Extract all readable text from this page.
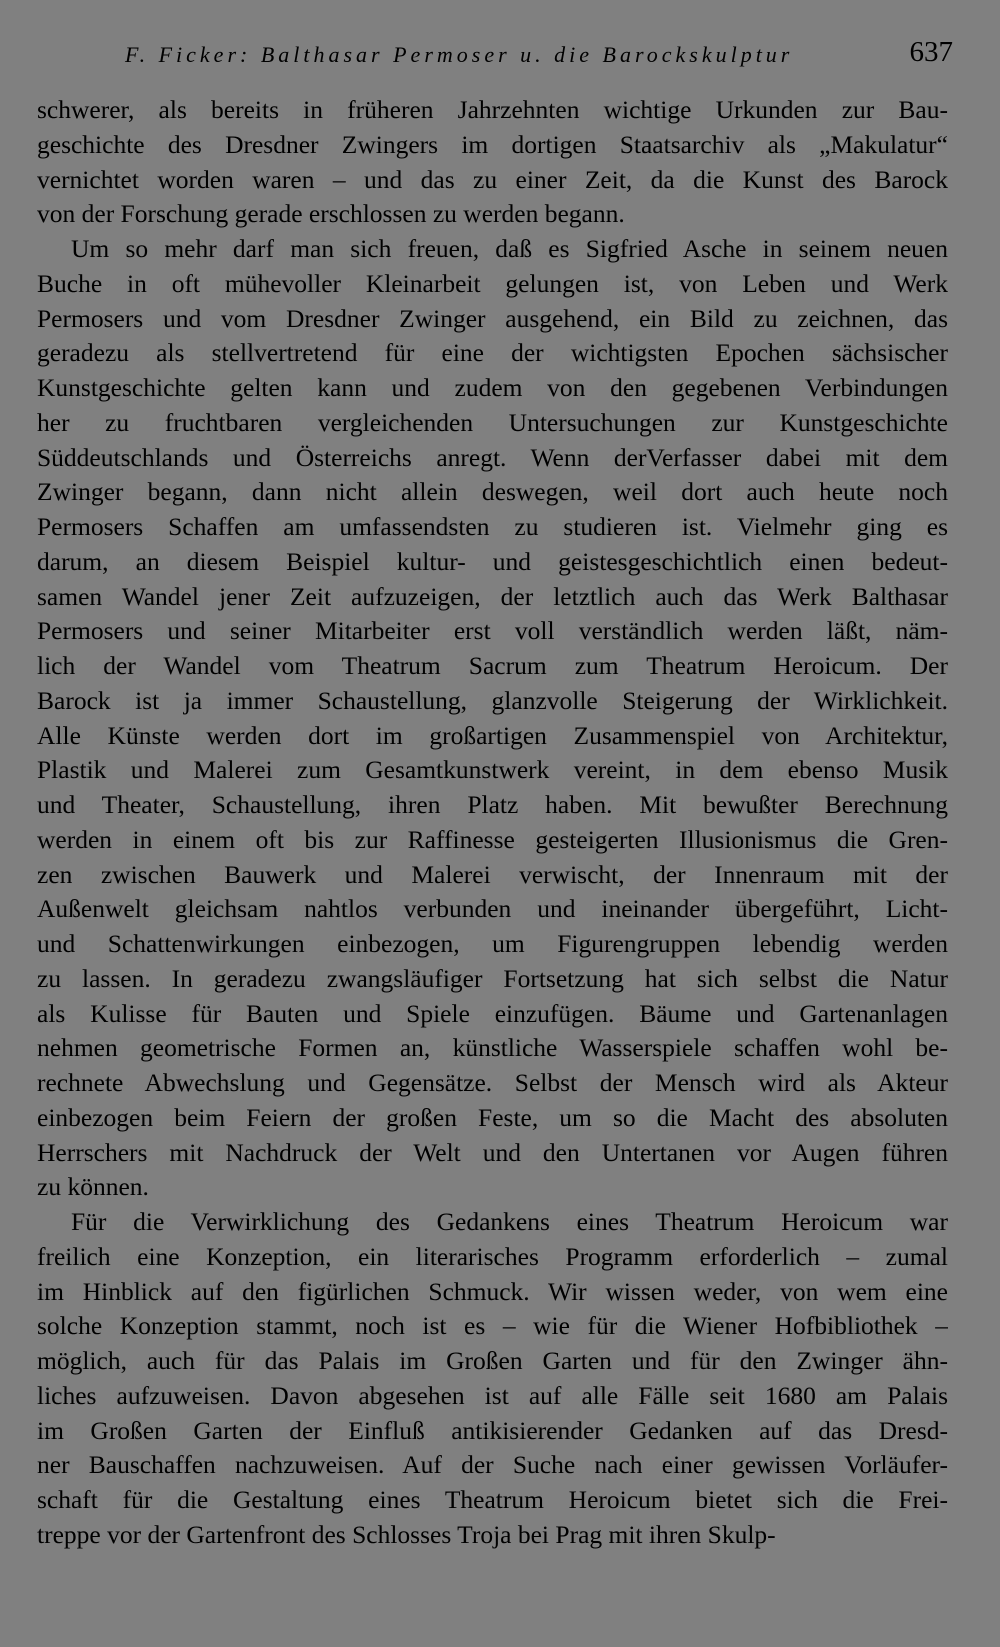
F. Ficker: Balthasar Permoser u. die Barockskulptur	637
schwerer, als bereits in früheren Jahrzehnten wichtige Urkunden zur Bau-
geschichte des Dresdner Zwingers im dortigen Staatsarchiv als „Makulatur“
vernichtet worden waren – und das zu einer Zeit, da die Kunst des Barock
von der Forschung gerade erschlossen zu werden begann.
Um so mehr darf man sich freuen, daß es Sigfried Asche in seinem neuen
Buche in oft mühevoller Kleinarbeit gelungen ist, von Leben und Werk
Permosers und vom Dresdner Zwinger ausgehend, ein Bild zu zeichnen, das
geradezu als stellvertretend für eine der wichtigsten Epochen sächsischer
Kunstgeschichte gelten kann und zudem von den gegebenen Verbindungen
her zu fruchtbaren vergleichenden Untersuchungen zur Kunstgeschichte
Süddeutschlands und Österreichs anregt. Wenn derVerfasser dabei mit dem
Zwinger begann, dann nicht allein deswegen, weil dort auch heute noch
Permosers Schaffen am umfassendsten zu studieren ist. Vielmehr ging es
darum, an diesem Beispiel kultur- und geistesgeschichtlich einen bedeut-
samen Wandel jener Zeit aufzuzeigen, der letztlich auch das Werk Balthasar
Permosers und seiner Mitarbeiter erst voll verständlich werden läßt, näm-
lich der Wandel vom Theatrum Sacrum zum Theatrum Heroicum. Der
Barock ist ja immer Schaustellung, glanzvolle Steigerung der Wirklichkeit.
Alle Künste werden dort im großartigen Zusammenspiel von Architektur,
Plastik und Malerei zum Gesamtkunstwerk vereint, in dem ebenso Musik
und Theater, Schaustellung, ihren Platz haben. Mit bewußter Berechnung
werden in einem oft bis zur Raffinesse gesteigerten Illusionismus die Gren-
zen zwischen Bauwerk und Malerei verwischt, der Innenraum mit der
Außenwelt gleichsam nahtlos verbunden und ineinander übergeführt, Licht-
und Schattenwirkungen einbezogen, um Figurengruppen lebendig werden
zu lassen. In geradezu zwangsläufiger Fortsetzung hat sich selbst die Natur
als Kulisse für Bauten und Spiele einzufügen. Bäume und Gartenanlagen
nehmen geometrische Formen an, künstliche Wasserspiele schaffen wohl be-
rechnete Abwechslung und Gegensätze. Selbst der Mensch wird als Akteur
einbezogen beim Feiern der großen Feste, um so die Macht des absoluten
Herrschers mit Nachdruck der Welt und den Untertanen vor Augen führen
zu können.
Für die Verwirklichung des Gedankens eines Theatrum Heroicum war
freilich eine Konzeption, ein literarisches Programm erforderlich – zumal
im Hinblick auf den figürlichen Schmuck. Wir wissen weder, von wem eine
solche Konzeption stammt, noch ist es – wie für die Wiener Hofbibliothek –
möglich, auch für das Palais im Großen Garten und für den Zwinger ähn-
liches aufzuweisen. Davon abgesehen ist auf alle Fälle seit 1680 am Palais
im Großen Garten der Einfluß antikisierender Gedanken auf das Dresd-
ner Bauschaffen nachzuweisen. Auf der Suche nach einer gewissen Vorläufer-
schaft für die Gestaltung eines Theatrum Heroicum bietet sich die Frei-
treppe vor der Gartenfront des Schlosses Troja bei Prag mit ihren Skulp-
